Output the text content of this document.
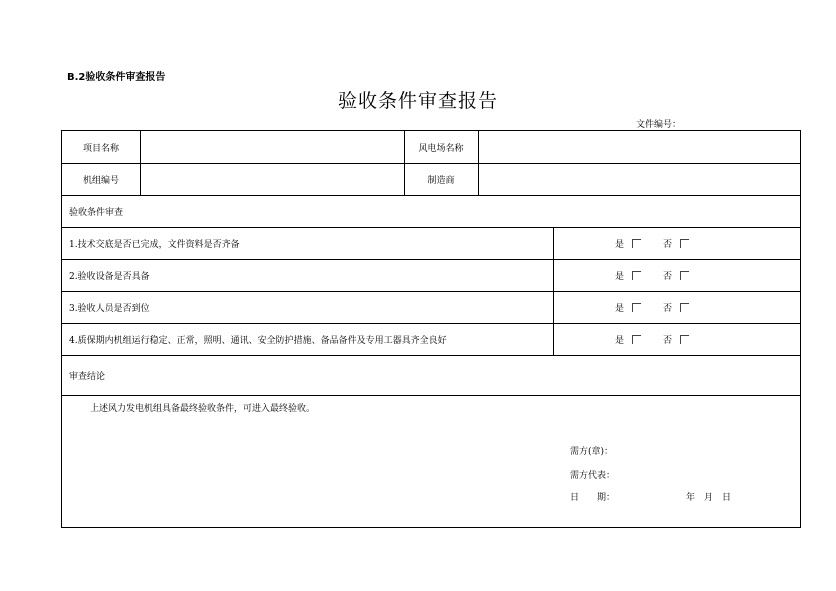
B.2验收条件审查报告
验收条件审查报告
文件编号：
项目名称	风电场名称
机组编号	制造商
验收条件审查
1.技术交底是否已完成，文件资料是否齐备	是	否
2.验收设备是否具备	是	否
3.验收人员是否到位	是	否
4.质保期内机组运行稳定、正常，照明、通讯、安全防护措施、备品备件及专用工器具齐全良好	是	否
审查结论
上述风力发电机组具备最终验收条件，可进入最终验收。
需方(章)：
需方代表：
日　　期：	年　月　日
